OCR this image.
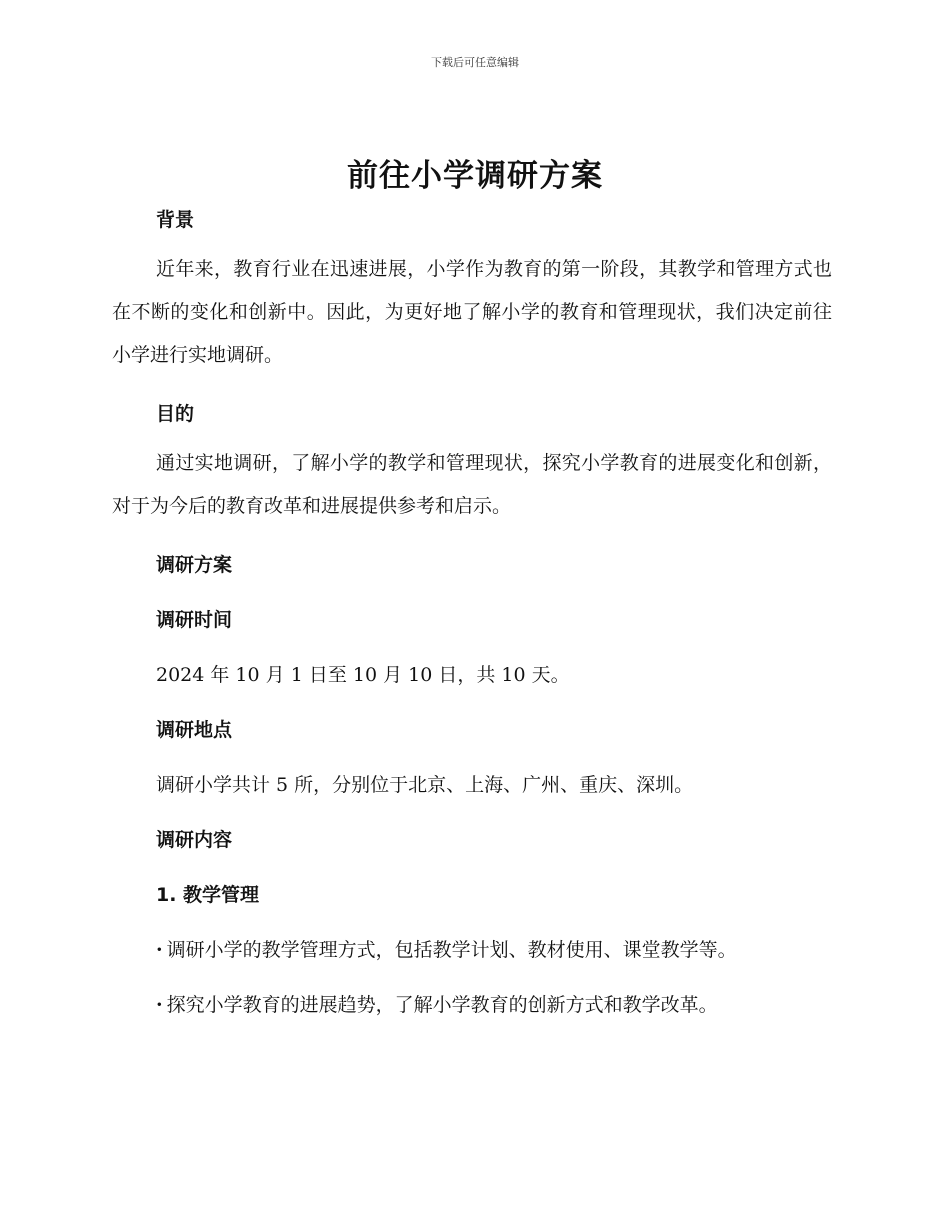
下载后可任意编辑
前往小学调研方案
背景

近年来，教育行业在迅速进展，小学作为教育的第一阶段，其教学和管理方式也在不断的变化和创新中。因此，为更好地了解小学的教育和管理现状，我们决定前往小学进行实地调研。

目的

通过实地调研，了解小学的教学和管理现状，探究小学教育的进展变化和创新，对于为今后的教育改革和进展提供参考和启示。

调研方案
调研时间
2024 年 10 月 1 日至 10 月 10 日，共 10 天。
调研地点
调研小学共计 5 所，分别位于北京、上海、广州、重庆、深圳。
调研内容
1. 教学管理
· 调研小学的教学管理方式，包括教学计划、教材使用、课堂教学等。
· 探究小学教育的进展趋势，了解小学教育的创新方式和教学改革。
